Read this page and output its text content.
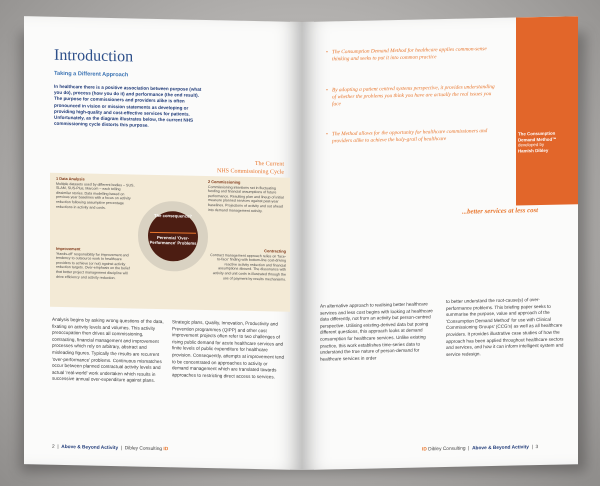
Introduction
Taking a Different Approach
In healthcare there is a positive association between purpose (what you do), process (how you do it) and performance (the end result). The purpose for commissioners and providers alike is often pronounced in vision or mission statements as developing or providing high-quality and cost-effective services for patients. Unfortunately, as the diagram illustrates below, the current NHS commissioning cycle distorts this purpose.
The Current
NHS Commissioning Cycle
1 Data Analysis
Multiple datasets used by different bodies – SUS, SLAM, SUS-Plus, Marcom – each telling dissimilar stories. Data modelling based on previous year baselines with a focus on activity reduction following assumptive percentage reductions in activity and costs.
2 Commissioning
Commissioning intentions set in fluctuating funding and financial assumptions of future performance. Resulting plan and lineup of initial measure planned services against past-year baselines. Projections of activity and out ahead into demand management activity.
Improvement
'Hands-off' responsibility for improvement and tendency to outsource work to healthcare providers to achieve (or not) against activity reduction targets. Over-emphasis on the belief that better project management discipline will drive efficiency and activity reduction.
Contracting
Contract management approach relies on 'face-to-face' finding with bottom-line cost-driving reactive activity reduction and financial assumptions abound. The dissonance with activity and unit costs is illustrated through the use of payment by results mechanisms.
The consequence?
Perennial 'Over-Performance' Problems
Analysis begins by asking wrong questions of the data, fixating on activity levels and volumes. This activity preoccupation then drives all commissioning, contracting, financial management and improvement processes which rely on arbitrary, abstract and misleading figures. Typically the results are recurrent 'over-performance' problems. Continuous mismatches occur between planned contractual activity levels and actual 'real-world' work undertaken which results in successive annual over-expenditure against plans.
Strategic plans, Quality, Innovation, Productivity and Prevention programmes (QIPP) and other cost improvement projects often refer to two challenges of rising public demand for acute healthcare services and finite levels of public expenditure for healthcare provision. Consequently, attempts at improvement tend to be concentrated on approaches to activity or demand management which are translated towards approaches to restricting direct access to services.
2  |  Above & Beyond Activity  |  Dibley Consulting ID
The Consumption
Demand Method™
developed by
Hamish Dibley
• The Consumption Demand Method for healthcare applies common-sense thinking and seeks to put it into common practice
• By adopting a patient centred systems perspective, it provides understanding of whether the problems you think you have are actually the real issues you face
• The Method allows for the opportunity for healthcare commissioners and providers alike to achieve the holy-grail of healthcare
...better services at less cost
An alternative approach to realising better healthcare services and less cost begins with looking at healthcare data differently, not from an activity but person-centred perspective. Utilising existing-derived data but posing different questions, this approach looks at demand consumption for healthcare services. Unlike existing practice, this work establishes time-series data to understand the true nature of person-demand for healthcare services in order
to better understand the root-cause(s) of over-performance problems. This briefing paper seeks to summarise the purpose, value and approach of the 'Consumption Demand Method' for use with Clinical Commissioning Groups' (CCG's) as well as all healthcare providers. It provides illustrative case studies of how the approach has been applied throughout healthcare sectors and services, and how it can inform intelligent system and service redesign.
ID Dibley Consulting  |  Above & Beyond Activity  |  3
